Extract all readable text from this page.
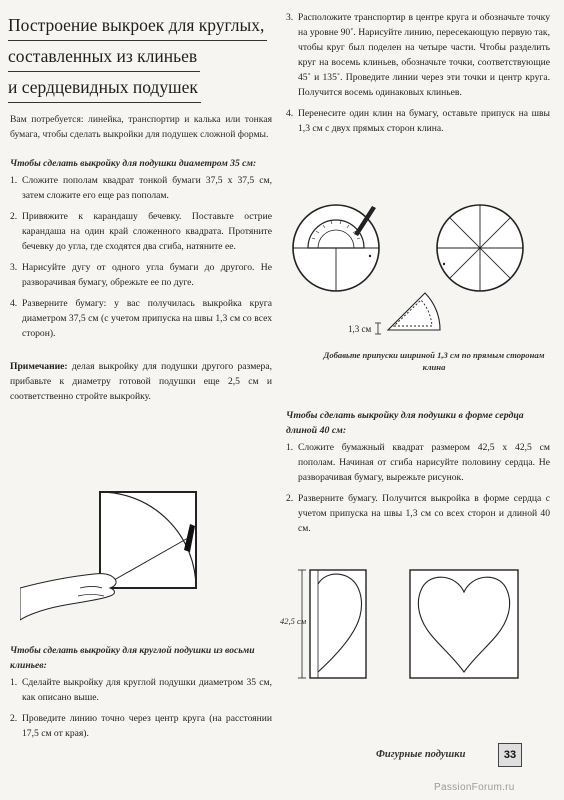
Построение выкроек для круглых,
составленных из клиньев
и сердцевидных подушек

Вам потребуется: линейка, транспортир и калька или тонкая бумага, чтобы сделать выкройки для подушек сложной формы.

Чтобы сделать выкройку для подушки диаметром 35 см:

1. Сложите пополам квадрат тонкой бумаги 37,5 x 37,5 см, затем сложите его еще раз пополам.
2. Привяжите к карандашу бечевку. Поставьте острие карандаша на один край сложенного квадрата. Протяните бечевку до угла, где сходятся два сгиба, натяните ее.
3. Нарисуйте дугу от одного угла бумаги до другого. Не разворачивая бумагу, обрежьте ее по дуге.
4. Разверните бумагу: у вас получилась выкройка круга диаметром 37,5 см (с учетом припуска на швы 1,3 см со всех сторон).

Примечание: делая выкройку для подушки другого размера, прибавьте к диаметру готовой подушки еще 2,5 см и соответственно стройте выкройку.

Чтобы сделать выкройку для круглой подушки из восьми клиньев:

1. Сделайте выкройку для круглой подушки диаметром 35 см, как описано выше.
2. Проведите линию точно через центр круга (на расстоянии 17,5 см от края).
3. Расположите транспортир в центре круга и обозначьте точку на уровне 90˚. Нарисуйте линию, пересекающую первую так, чтобы круг был поделен на четыре части. Чтобы разделить круг на восемь клиньев, обозначьте точки, соответствующие 45˚ и 135˚. Проведите линии через эти точки и центр круга. Получится восемь одинаковых клиньев.
4. Перенесите один клин на бумагу, оставьте припуск на швы 1,3 см с двух прямых сторон клина.
1,3 см

Добавьте припуски шириной 1,3 см по прямым сторонам клина

Чтобы сделать выкройку для подушки в форме сердца длиной 40 см:

1. Сложите бумажный квадрат размером 42,5 x 42,5 см пополам. Начиная от сгиба нарисуйте половину сердца. Не разворачивая бумагу, вырежьте рисунок.
2. Разверните бумагу. Получится выкройка в форме сердца с учетом припуска на швы 1,3 см со всех сторон и длиной 40 см.
42,5 см
Фигурные подушки	33
PassionForum.ru
